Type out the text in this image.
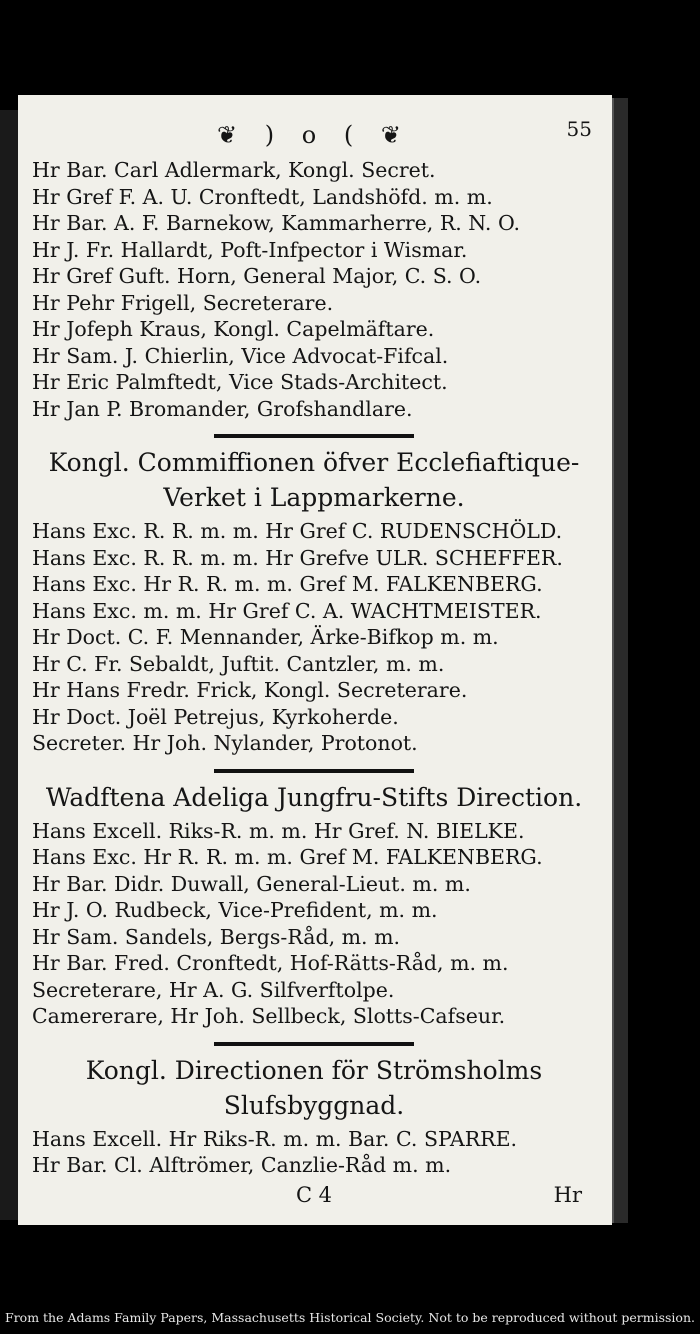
❦ ) o ( ❦	55
Hr Bar. Carl Adlermark, Kongl. Secret.
Hr Gref F. A. U. Cronftedt, Landshöfd. m. m.
Hr Bar. A. F. Barnekow, Kammarherre, R. N. O.
Hr J. Fr. Hallardt, Poft-Infpector i Wismar.
Hr Gref Guft. Horn, General Major, C. S. O.
Hr Pehr Frigell, Secreterare.
Hr Jofeph Kraus, Kongl. Capelmäftare.
Hr Sam. J. Chierlin, Vice Advocat-Fifcal.
Hr Eric Palmftedt, Vice Stads-Architect.
Hr Jan P. Bromander, Grofshandlare.
Kongl. Commiffionen öfver Ecclefiaftique-
Verket i Lappmarkerne.
Hans Exc. R. R. m. m. Hr Gref C. RUDENSCHÖLD.
Hans Exc. R. R. m. m. Hr Grefve ULR. SCHEFFER.
Hans Exc. Hr R. R. m. m. Gref M. FALKENBERG.
Hans Exc. m. m. Hr Gref C. A. WACHTMEISTER.
Hr Doct. C. F. Mennander, Ärke-Bifkop m. m.
Hr C. Fr. Sebaldt, Juftit. Cantzler, m. m.
Hr Hans Fredr. Frick, Kongl. Secreterare.
Hr Doct. Joël Petrejus, Kyrkoherde.
Secreter. Hr Joh. Nylander, Protonot.
Wadftena Adeliga Jungfru-Stifts Direction.
Hans Excell. Riks-R. m. m. Hr Gref. N. BIELKE.
Hans Exc. Hr R. R. m. m. Gref M. FALKENBERG.
Hr Bar. Didr. Duwall, General-Lieut. m. m.
Hr J. O. Rudbeck, Vice-Prefident, m. m.
Hr Sam. Sandels, Bergs-Råd, m. m.
Hr Bar. Fred. Cronftedt, Hof-Rätts-Råd, m. m.
Secreterare, Hr A. G. Silfverftolpe.
Camererare, Hr Joh. Sellbeck, Slotts-Cafseur.
Kongl. Directionen för Strömsholms
Slufsbyggnad.
Hans Excell. Hr Riks-R. m. m. Bar. C. SPARRE.
Hr Bar. Cl. Alftrömer, Canzlie-Råd m. m.
C 4	Hr
From the Adams Family Papers, Massachusetts Historical Society. Not to be reproduced without permission.
